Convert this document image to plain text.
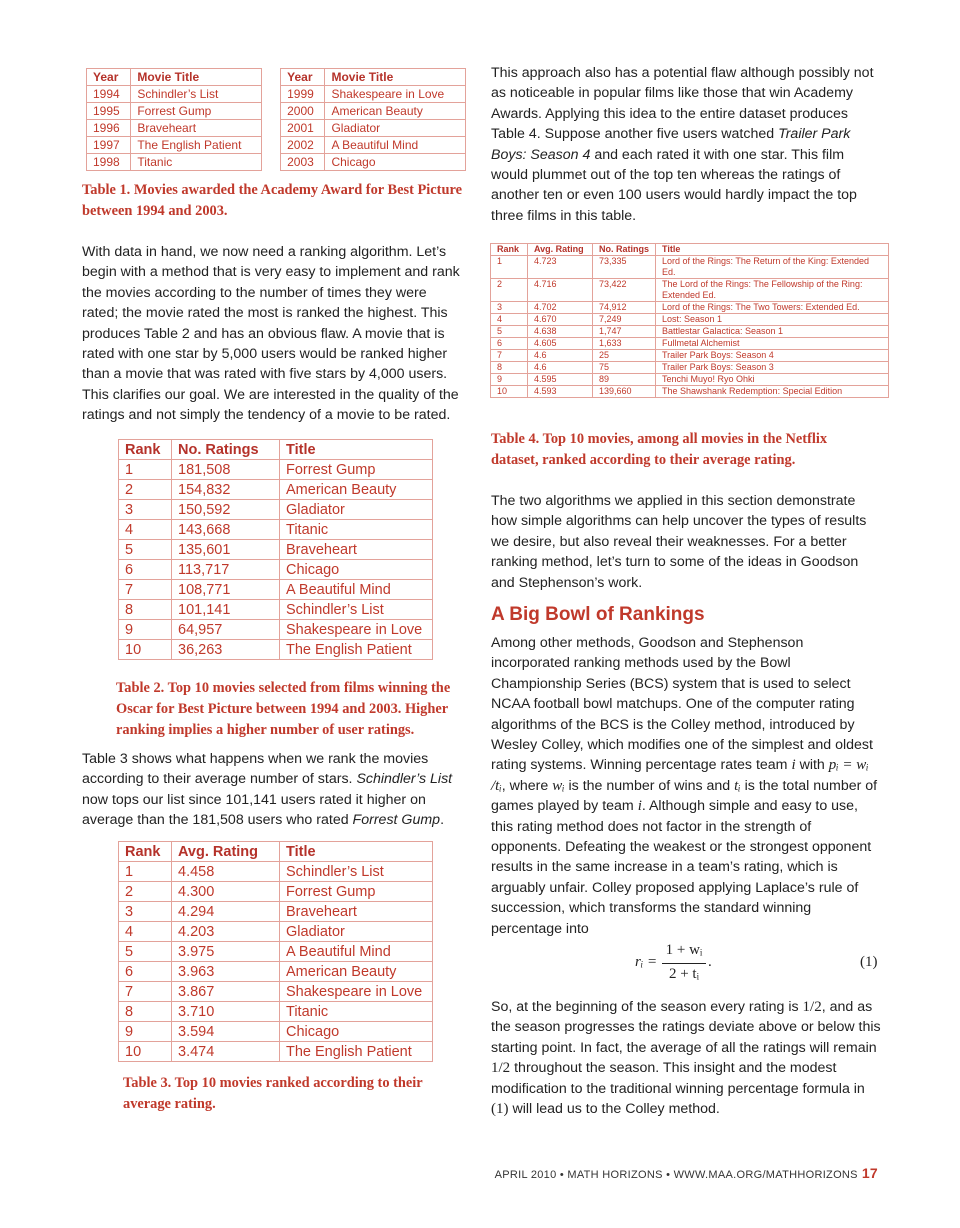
Year	Movie Title		Year	Movie Title
1994	Schindler’s List		1999	Shakespeare in Love
1995	Forrest Gump		2000	American Beauty
1996	Braveheart		2001	Gladiator
1997	The English Patient		2002	A Beautiful Mind
1998	Titanic		2003	Chicago

Table 1. Movies awarded the Academy Award for Best Picture between 1994 and 2003.

With data in hand, we now need a ranking algorithm. Let’s begin with a method that is very easy to implement and rank the movies according to the number of times they were rated; the movie rated the most is ranked the highest. This produces Table 2 and has an obvious flaw. A movie that is rated with one star by 5,000 users would be ranked higher than a movie that was rated with five stars by 4,000 users. This clarifies our goal. We are interested in the quality of the ratings and not simply the tendency of a movie to be rated.

Rank	No. Ratings	Title
1	181,508	Forrest Gump
2	154,832	American Beauty
3	150,592	Gladiator
4	143,668	Titanic
5	135,601	Braveheart
6	113,717	Chicago
7	108,771	A Beautiful Mind
8	101,141	Schindler’s List
9	64,957	Shakespeare in Love
10	36,263	The English Patient

Table 2. Top 10 movies selected from films winning the Oscar for Best Picture between 1994 and 2003. Higher ranking implies a higher number of user ratings.

Table 3 shows what happens when we rank the movies according to their average number of stars. Schindler’s List now tops our list since 101,141 users rated it higher on average than the 181,508 users who rated Forrest Gump.

Rank	Avg. Rating	Title
1	4.458	Schindler’s List
2	4.300	Forrest Gump
3	4.294	Braveheart
4	4.203	Gladiator
5	3.975	A Beautiful Mind
6	3.963	American Beauty
7	3.867	Shakespeare in Love
8	3.710	Titanic
9	3.594	Chicago
10	3.474	The English Patient

Table 3. Top 10 movies ranked according to their average rating.

This approach also has a potential flaw although possibly not as noticeable in popular films like those that win Academy Awards. Applying this idea to the entire dataset produces Table 4. Suppose another five users watched Trailer Park Boys: Season 4 and each rated it with one star. This film would plummet out of the top ten whereas the ratings of another ten or even 100 users would hardly impact the top three films in this table.

Rank	Avg. Rating	No. Ratings	Title
1	4.723	73,335	Lord of the Rings: The Return of the King: Extended Ed.
2	4.716	73,422	The Lord of the Rings: The Fellowship of the Ring: Extended Ed.
3	4.702	74,912	Lord of the Rings: The Two Towers: Extended Ed.
4	4.670	7,249	Lost: Season 1
5	4.638	1,747	Battlestar Galactica: Season 1
6	4.605	1,633	Fullmetal Alchemist
7	4.6	25	Trailer Park Boys: Season 4
8	4.6	75	Trailer Park Boys: Season 3
9	4.595	89	Tenchi Muyo! Ryo Ohki
10	4.593	139,660	The Shawshank Redemption: Special Edition

Table 4. Top 10 movies, among all movies in the Netflix dataset, ranked according to their average rating.

The two algorithms we applied in this section demonstrate how simple algorithms can help uncover the types of results we desire, but also reveal their weaknesses. For a better ranking method, let’s turn to some of the ideas in Goodson and Stephenson’s work.

A Big Bowl of Rankings

Among other methods, Goodson and Stephenson incorporated ranking methods used by the Bowl Championship Series (BCS) system that is used to select NCAA football bowl matchups. One of the computer rating algorithms of the BCS is the Colley method, introduced by Wesley Colley, which modifies one of the simplest and oldest rating systems. Winning percentage rates team i with pᵢ = wᵢ /tᵢ, where wᵢ is the number of wins and tᵢ is the total number of games played by team i. Although simple and easy to use, this rating method does not factor in the strength of opponents. Defeating the weakest or the strongest opponent results in the same increase in a team’s rating, which is arguably unfair. Colley proposed applying Laplace’s rule of succession, which transforms the standard winning percentage into

rᵢ =
1 + wᵢ
2 + tᵢ
.	(1)

So, at the beginning of the season every rating is 1/2, and as the season progresses the ratings deviate above or below this starting point. In fact, the average of all the ratings will remain 1/2 throughout the season. This insight and the modest modification to the traditional winning percentage formula in (1) will lead us to the Colley method.

APRIL 2010 • MATH HORIZONS • WWW.MAA.ORG/MATHHORIZONS 17
